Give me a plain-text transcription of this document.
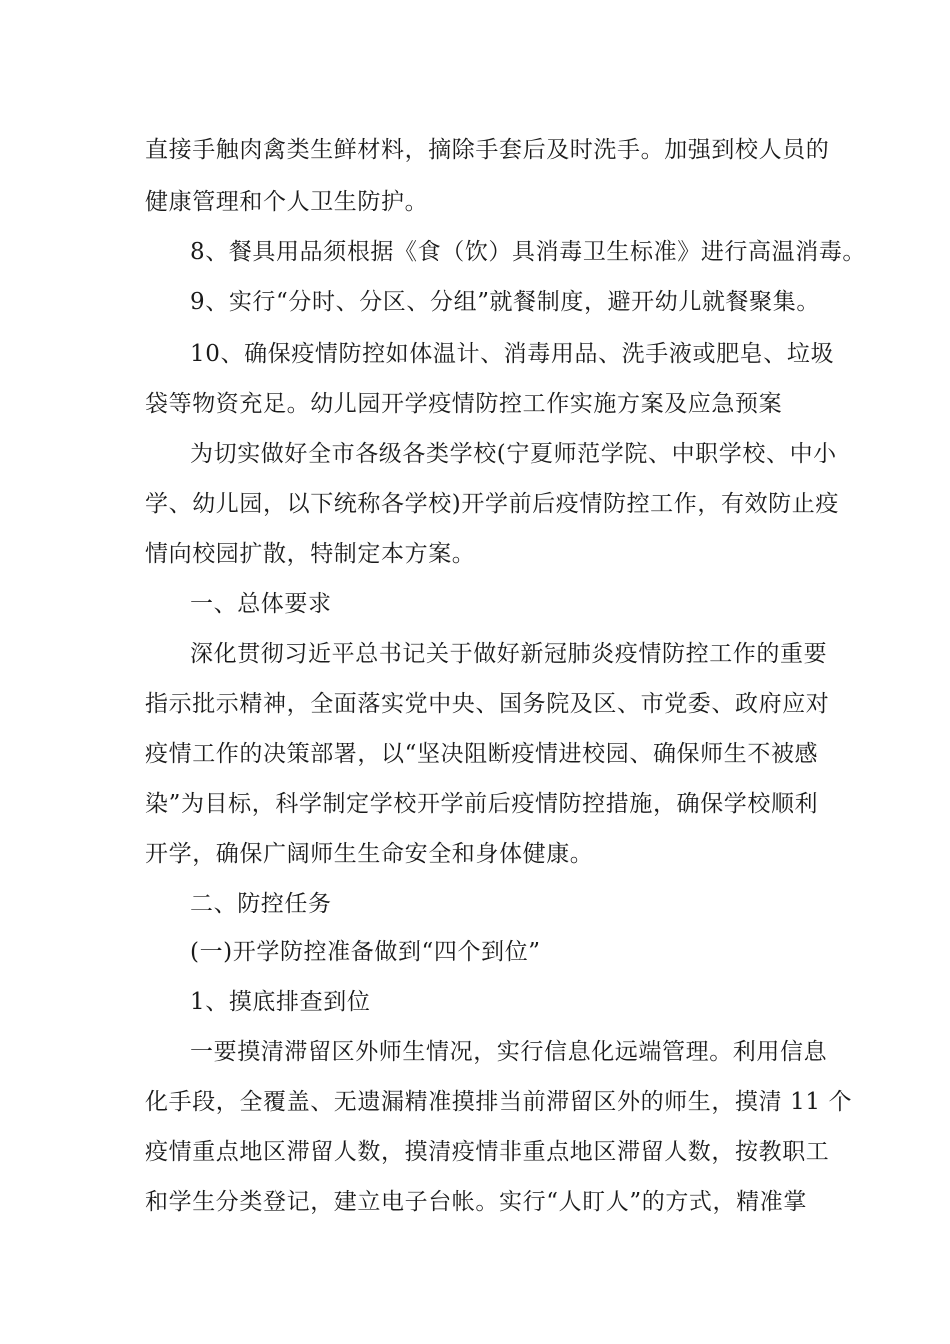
直接手触肉禽类生鲜材料，摘除手套后及时洗手。加强到校人员的
健康管理和个人卫生防护。
8、餐具用品须根据《食（饮）具消毒卫生标准》进行高温消毒。
9、实行“分时、分区、分组”就餐制度，避开幼儿就餐聚集。
10、确保疫情防控如体温计、消毒用品、洗手液或肥皂、垃圾
袋等物资充足。幼儿园开学疫情防控工作实施方案及应急预案
为切实做好全市各级各类学校(宁夏师范学院、中职学校、中小
学、幼儿园，以下统称各学校)开学前后疫情防控工作，有效防止疫
情向校园扩散，特制定本方案。
一、总体要求
深化贯彻习近平总书记关于做好新冠肺炎疫情防控工作的重要
指示批示精神，全面落实党中央、国务院及区、市党委、政府应对
疫情工作的决策部署，以“坚决阻断疫情进校园、确保师生不被感
染”为目标，科学制定学校开学前后疫情防控措施，确保学校顺利
开学，确保广阔师生生命安全和身体健康。
二、防控任务
(一)开学防控准备做到“四个到位”
1、摸底排查到位
一要摸清滞留区外师生情况，实行信息化远端管理。利用信息
化手段，全覆盖、无遗漏精准摸排当前滞留区外的师生，摸清 11 个
疫情重点地区滞留人数，摸清疫情非重点地区滞留人数，按教职工
和学生分类登记，建立电子台帐。实行“人盯人”的方式，精准掌
